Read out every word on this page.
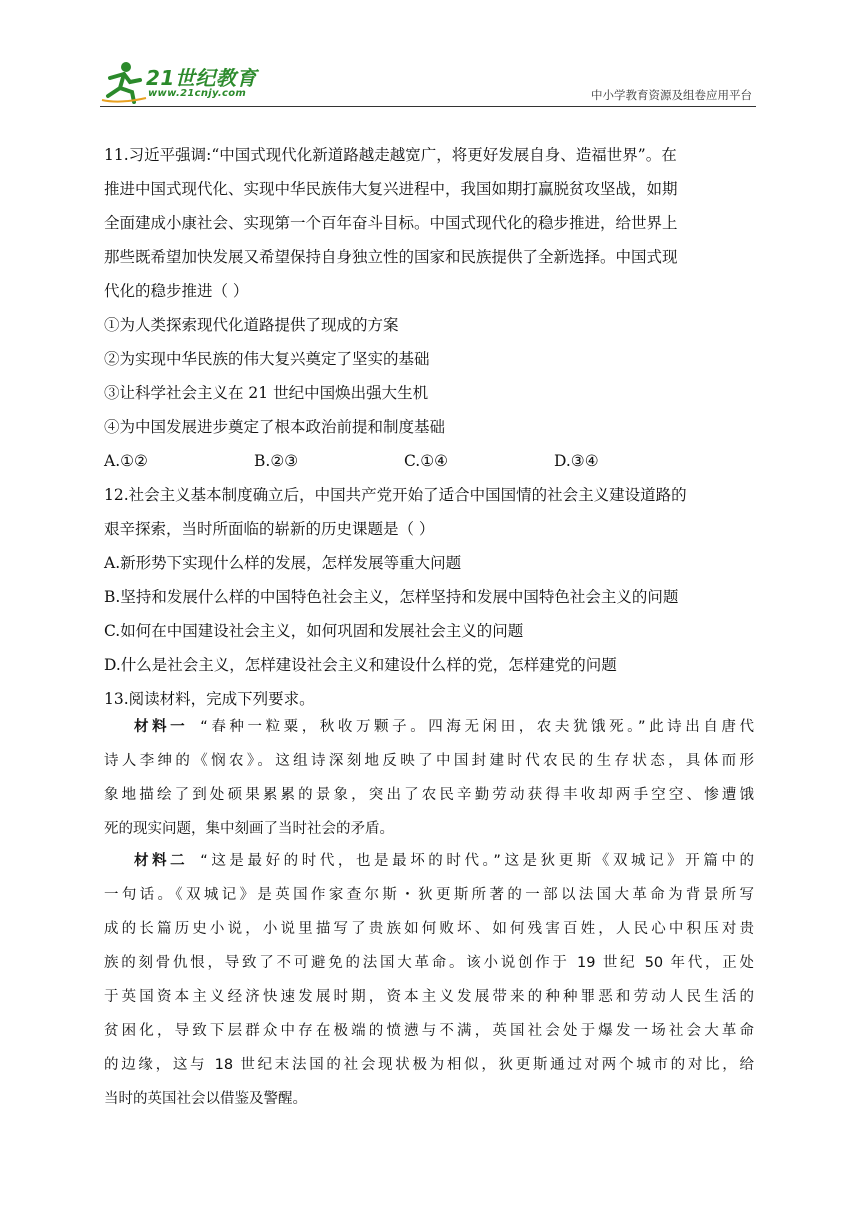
21世纪教育
www.21cnjy.com	中小学教育资源及组卷应用平台
11.习近平强调:“中国式现代化新道路越走越宽广，将更好发展自身、造福世界”。在
推进中国式现代化、实现中华民族伟大复兴进程中，我国如期打赢脱贫攻坚战，如期
全面建成小康社会、实现第一个百年奋斗目标。中国式现代化的稳步推进，给世界上
那些既希望加快发展又希望保持自身独立性的国家和民族提供了全新选择。中国式现
代化的稳步推进（ ）
①为人类探索现代化道路提供了现成的方案
②为实现中华民族的伟大复兴奠定了坚实的基础
③让科学社会主义在 21 世纪中国焕出强大生机
④为中国发展进步奠定了根本政治前提和制度基础
A.①②	B.②③	C.①④	D.③④
12.社会主义基本制度确立后，中国共产党开始了适合中国国情的社会主义建设道路的
艰辛探索，当时所面临的崭新的历史课题是（ ）
A.新形势下实现什么样的发展，怎样发展等重大问题
B.坚持和发展什么样的中国特色社会主义，怎样坚持和发展中国特色社会主义的问题
C.如何在中国建设社会主义，如何巩固和发展社会主义的问题
D.什么是社会主义，怎样建设社会主义和建设什么样的党，怎样建党的问题
13.阅读材料，完成下列要求。
材料一 “春种一粒粟，秋收万颗子。四海无闲田，农夫犹饿死。”此诗出自唐代
诗人李绅的《悯农》。这组诗深刻地反映了中国封建时代农民的生存状态，具体而形
象地描绘了到处硕果累累的景象，突出了农民辛勤劳动获得丰收却两手空空、惨遭饿
死的现实问题，集中刻画了当时社会的矛盾。
材料二 “这是最好的时代，也是最坏的时代。”这是狄更斯《双城记》开篇中的
一句话。《双城记》是英国作家查尔斯・狄更斯所著的一部以法国大革命为背景所写
成的长篇历史小说，小说里描写了贵族如何败坏、如何残害百姓，人民心中积压对贵
族的刻骨仇恨，导致了不可避免的法国大革命。该小说创作于 19 世纪 50 年代，正处
于英国资本主义经济快速发展时期，资本主义发展带来的种种罪恶和劳动人民生活的
贫困化，导致下层群众中存在极端的愤懑与不满，英国社会处于爆发一场社会大革命
的边缘，这与 18 世纪末法国的社会现状极为相似，狄更斯通过对两个城市的对比，给
当时的英国社会以借鉴及警醒。
